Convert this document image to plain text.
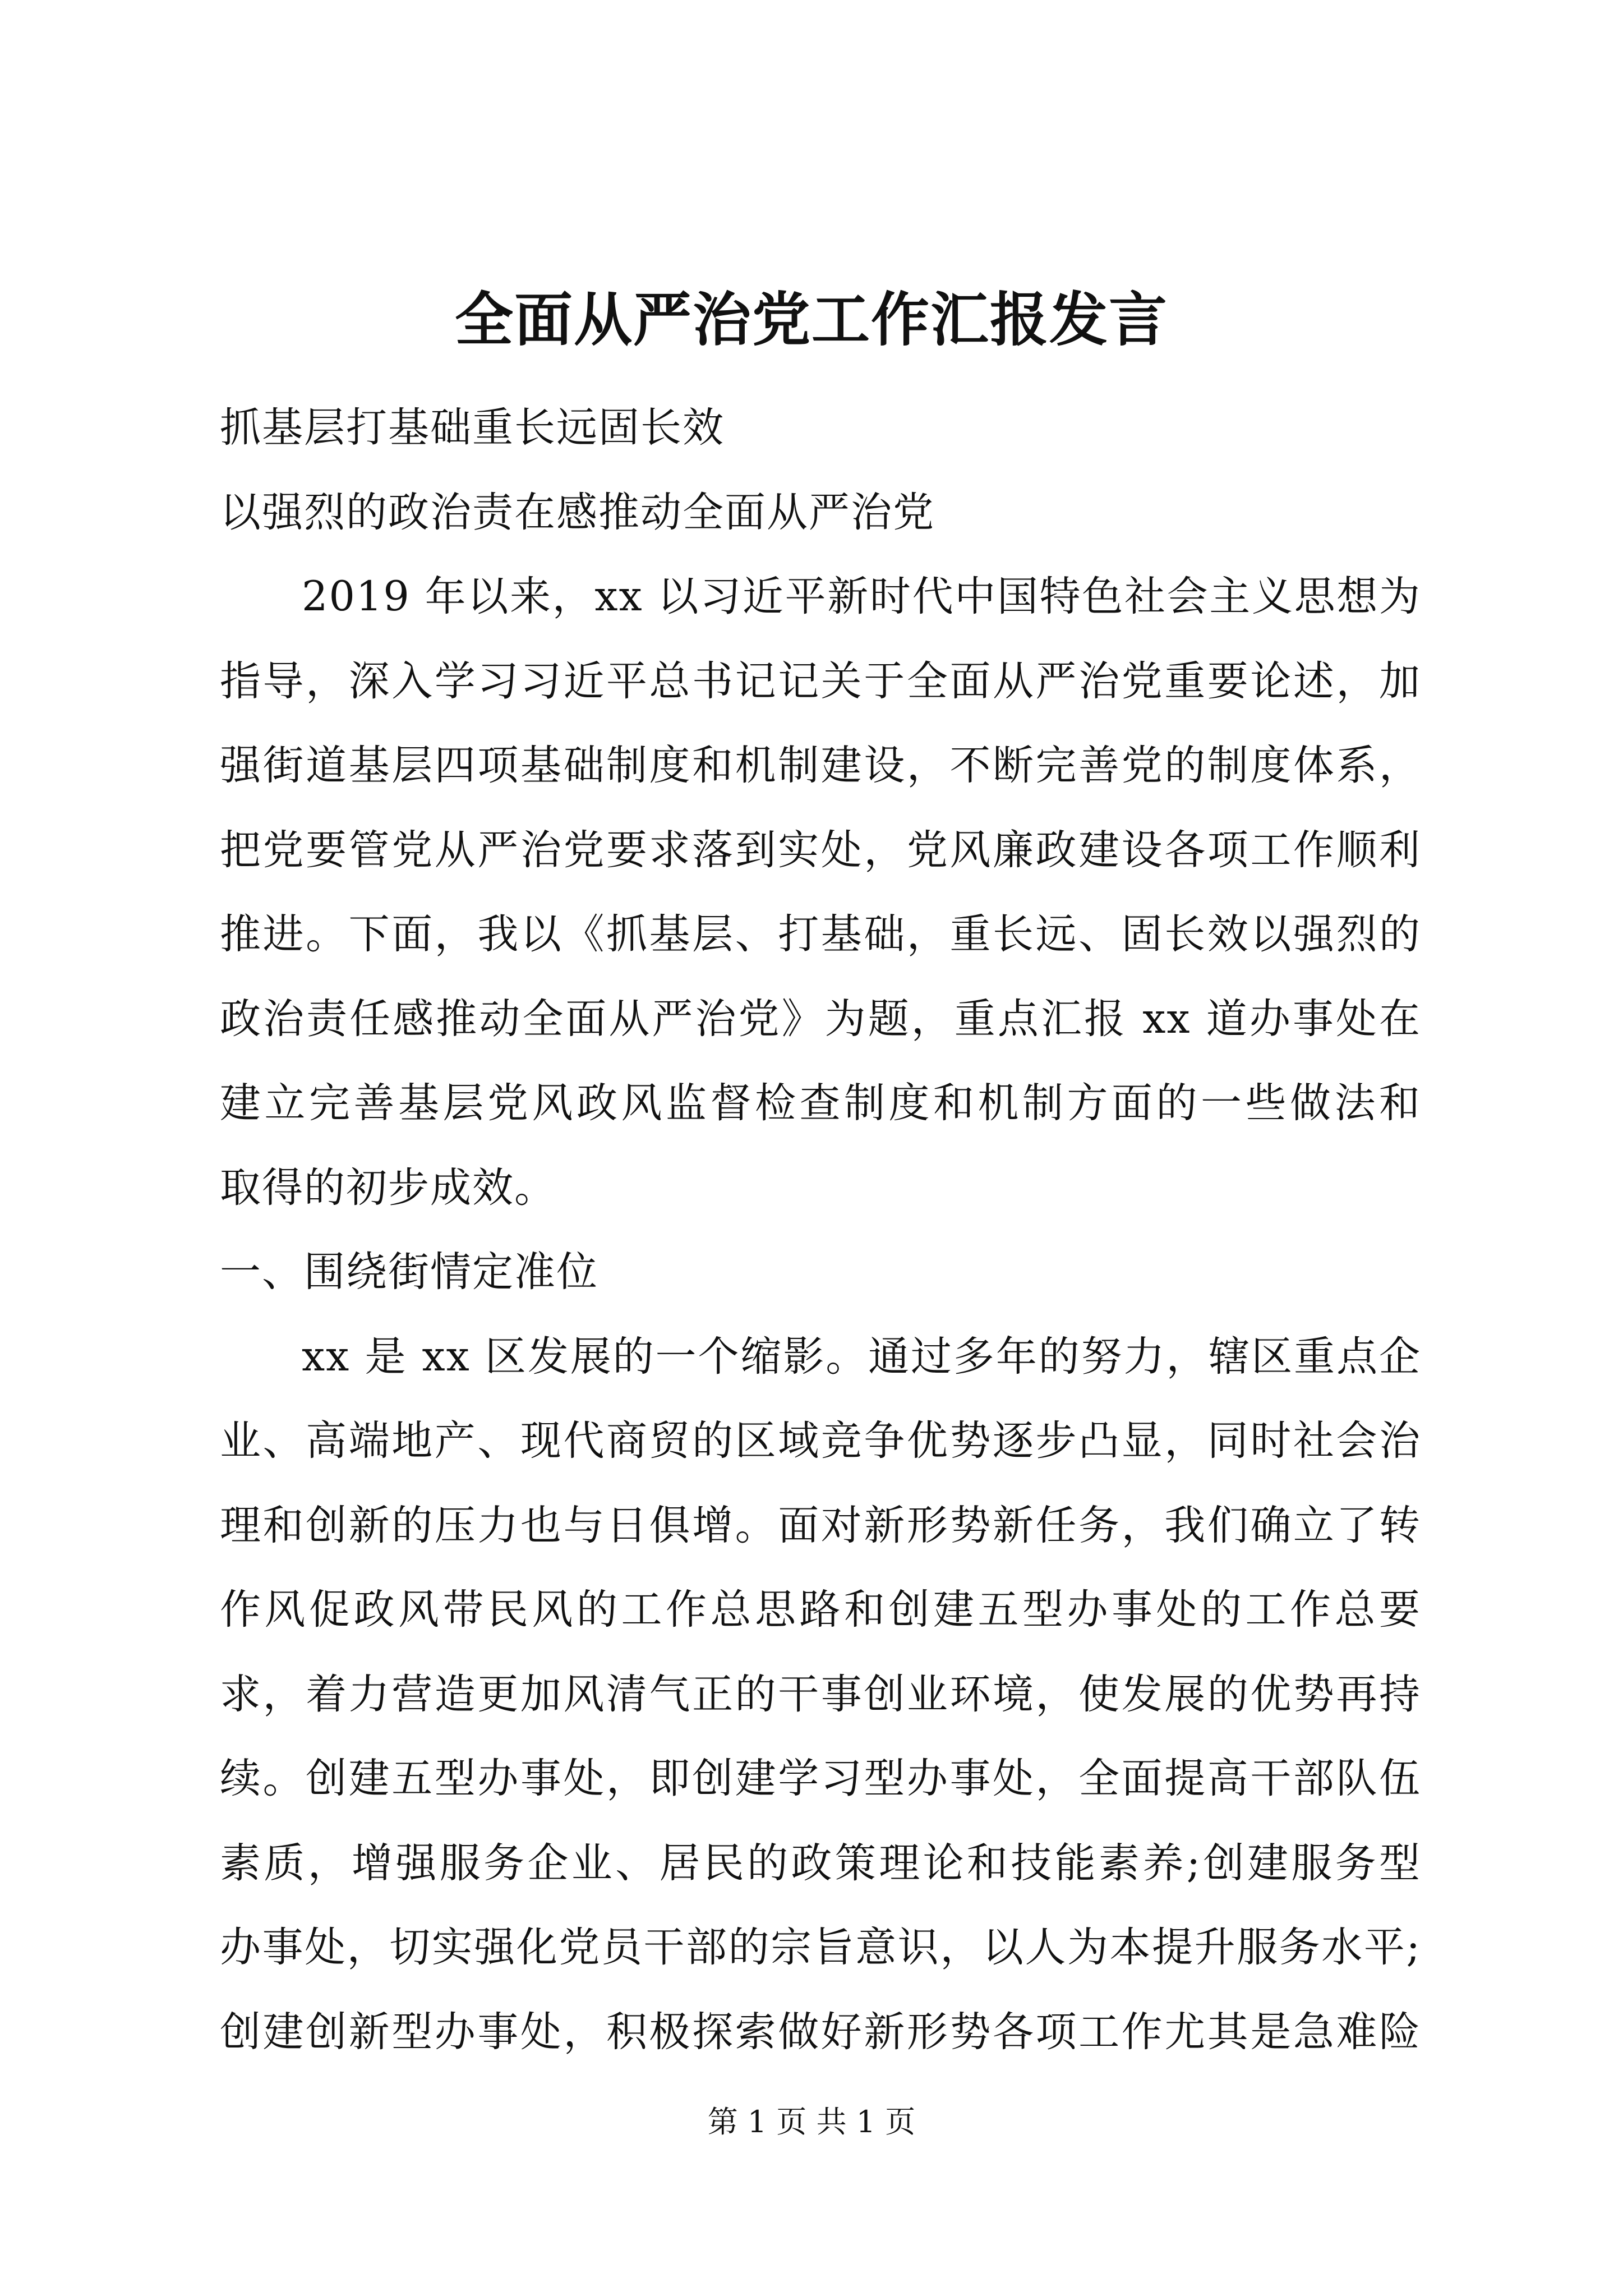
全面从严治党工作汇报发言

抓基层打基础重长远固长效

以强烈的政治责在感推动全面从严治党

2019 年以来，xx 以习近平新时代中国特色社会主义思想为
指导，深入学习习近平总书记记关于全面从严治党重要论述，加
强街道基层四项基础制度和机制建设，不断完善党的制度体系，
把党要管党从严治党要求落到实处，党风廉政建设各项工作顺利
推进。下面，我以《抓基层、打基础，重长远、固长效以强烈的
政治责任感推动全面从严治党》为题，重点汇报 xx 道办事处在
建立完善基层党风政风监督检查制度和机制方面的一些做法和
取得的初步成效。

一、围绕街情定准位

xx 是 xx 区发展的一个缩影。通过多年的努力，辖区重点企
业、高端地产、现代商贸的区域竞争优势逐步凸显，同时社会治
理和创新的压力也与日俱增。面对新形势新任务，我们确立了转
作风促政风带民风的工作总思路和创建五型办事处的工作总要
求，着力营造更加风清气正的干事创业环境，使发展的优势再持
续。创建五型办事处，即创建学习型办事处，全面提高干部队伍
素质，增强服务企业、居民的政策理论和技能素养;创建服务型
办事处，切实强化党员干部的宗旨意识，以人为本提升服务水平;
创建创新型办事处，积极探索做好新形势各项工作尤其是急难险
第 1 页 共 1 页
